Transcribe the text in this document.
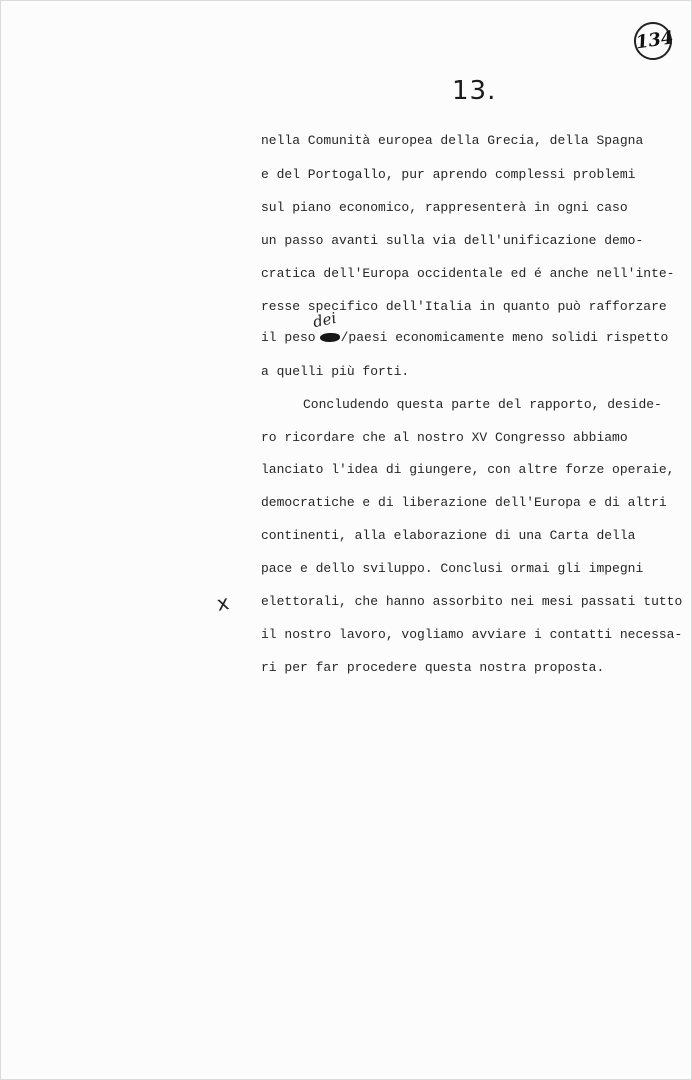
134
13.
nella Comunità europea della Grecia, della Spagna
e del Portogallo, pur aprendo complessi problemi
sul piano economico, rappresenterà in ogni caso
un passo avanti sulla via dell'unificazione demo-
cratica dell'Europa occidentale ed é anche nell'inte-
resse specifico dell'Italia in quanto può rafforzare
dei
il peso /paesi economicamente meno solidi rispetto
a quelli più forti.
Concludendo questa parte del rapporto, deside-
ro ricordare che al nostro XV Congresso abbiamo
lanciato l'idea di giungere, con altre forze operaie,
democratiche e di liberazione dell'Europa e di altri
continenti, alla elaborazione di una Carta della
pace e dello sviluppo. Conclusi ormai gli impegni
x elettorali, che hanno assorbito nei mesi passati tutto
il nostro lavoro, vogliamo avviare i contatti necessa-
ri per far procedere questa nostra proposta.
